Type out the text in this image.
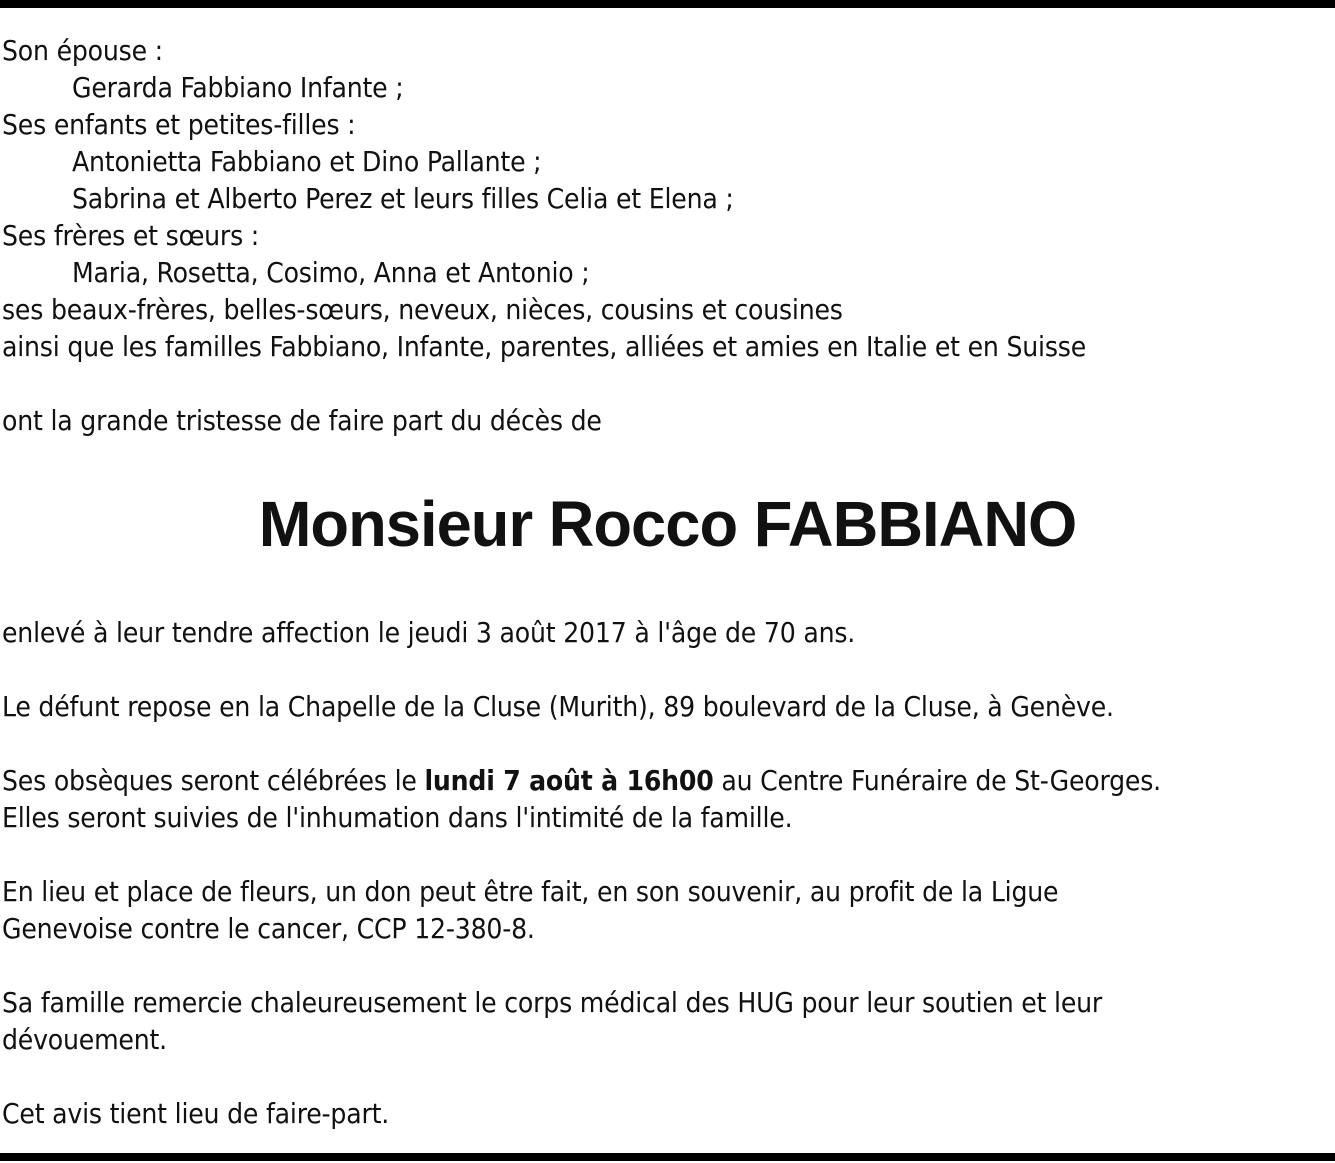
Son épouse :
Gerarda Fabbiano Infante ;
Ses enfants et petites-filles :
Antonietta Fabbiano et Dino Pallante ;
Sabrina et Alberto Perez et leurs filles Celia et Elena ;
Ses frères et sœurs :
Maria, Rosetta, Cosimo, Anna et Antonio ;
ses beaux-frères, belles-sœurs, neveux, nièces, cousins et cousines
ainsi que les familles Fabbiano, Infante, parentes, alliées et amies en Italie et en Suisse
ont la grande tristesse de faire part du décès de
Monsieur Rocco FABBIANO
enlevé à leur tendre affection le jeudi 3 août 2017 à l'âge de 70 ans.
Le défunt repose en la Chapelle de la Cluse (Murith), 89 boulevard de la Cluse, à Genève.
Ses obsèques seront célébrées le lundi 7 août à 16h00 au Centre Funéraire de St-Georges.
Elles seront suivies de l'inhumation dans l'intimité de la famille.
En lieu et place de fleurs, un don peut être fait, en son souvenir, au profit de la Ligue
Genevoise contre le cancer, CCP 12-380-8.
Sa famille remercie chaleureusement le corps médical des HUG pour leur soutien et leur
dévouement.
Cet avis tient lieu de faire-part.
